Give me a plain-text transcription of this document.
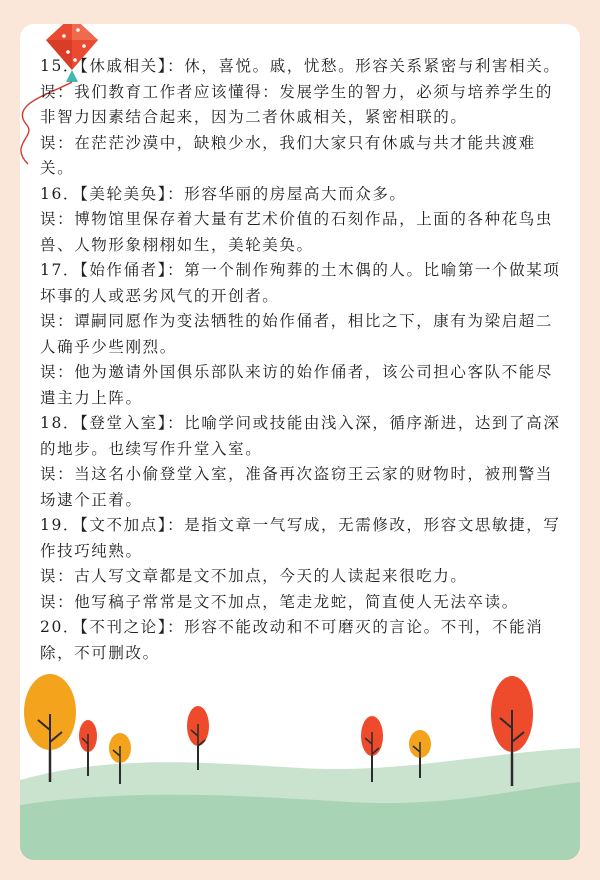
15．【休戚相关】：休，喜悦。戚，忧愁。形容关系紧密与利害相关。

误：我们教育工作者应该懂得：发展学生的智力，必须与培养学生的非智力因素结合起来，因为二者休戚相关，紧密相联的。

误：在茫茫沙漠中，缺粮少水，我们大家只有休戚与共才能共渡难关。

16．【美轮美奂】：形容华丽的房屋高大而众多。

误：博物馆里保存着大量有艺术价值的石刻作品，上面的各种花鸟虫兽、人物形象栩栩如生，美轮美奂。

17．【始作俑者】：第一个制作殉葬的土木偶的人。比喻第一个做某项坏事的人或恶劣风气的开创者。

误：谭嗣同愿作为变法牺牲的始作俑者，相比之下，康有为梁启超二人确乎少些刚烈。

误：他为邀请外国俱乐部队来访的始作俑者，该公司担心客队不能尽遣主力上阵。

18．【登堂入室】：比喻学问或技能由浅入深，循序渐进，达到了高深的地步。也续写作升堂入室。

误：当这名小偷登堂入室，准备再次盗窃王云家的财物时，被刑警当场逮个正着。

19．【文不加点】：是指文章一气写成，无需修改，形容文思敏捷，写作技巧纯熟。

误：古人写文章都是文不加点，今天的人读起来很吃力。

误：他写稿子常常是文不加点，笔走龙蛇，简直使人无法卒读。

20．【不刊之论】：形容不能改动和不可磨灭的言论。不刊，不能消除，不可删改。
